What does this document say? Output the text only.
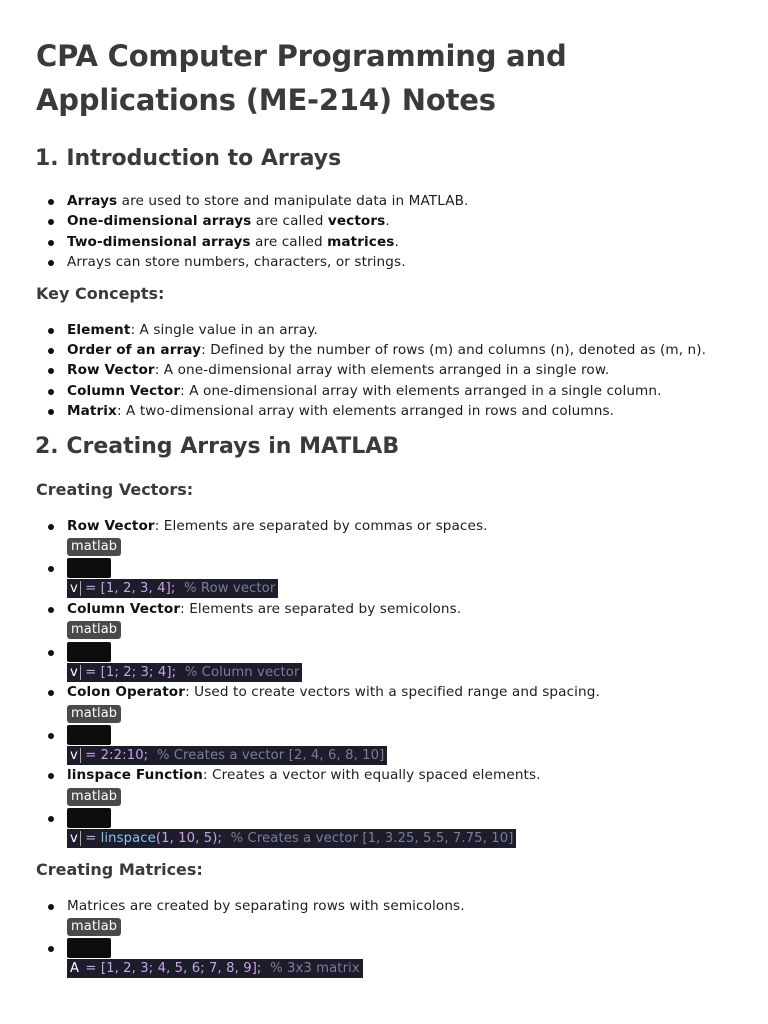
CPA Computer Programming and Applications (ME-214) Notes
1. Introduction to Arrays
Arrays are used to store and manipulate data in MATLAB.
One-dimensional arrays are called vectors.
Two-dimensional arrays are called matrices.
Arrays can store numbers, characters, or strings.
Key Concepts:
Element: A single value in an array.
Order of an array: Defined by the number of rows (m) and columns (n), denoted as (m, n).
Row Vector: A one-dimensional array with elements arranged in a single row.
Column Vector: A one-dimensional array with elements arranged in a single column.
Matrix: A two-dimensional array with elements arranged in rows and columns.
2. Creating Arrays in MATLAB
Creating Vectors:
Row Vector: Elements are separated by commas or spaces.
matlab
v = [1, 2, 3, 4];  % Row vector
Column Vector: Elements are separated by semicolons.
matlab
v = [1; 2; 3; 4];  % Column vector
Colon Operator: Used to create vectors with a specified range and spacing.
matlab
v = 2:2:10;  % Creates a vector [2, 4, 6, 8, 10]
linspace Function: Creates a vector with equally spaced elements.
matlab
v = linspace(1, 10, 5);  % Creates a vector [1, 3.25, 5.5, 7.75, 10]
Creating Matrices:
Matrices are created by separating rows with semicolons.
matlab
A = [1, 2, 3; 4, 5, 6; 7, 8, 9];  % 3x3 matrix
